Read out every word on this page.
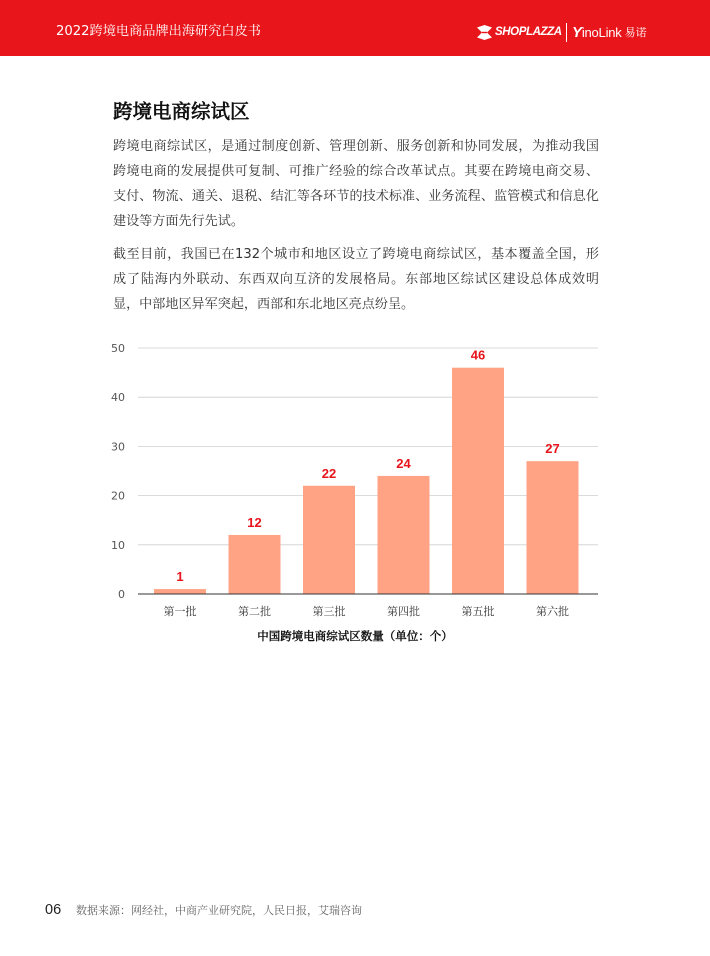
2022跨境电商品牌出海研究白皮书	SHOPLAZZA YinoLink 易诺
跨境电商综试区
跨境电商综试区，是通过制度创新、管理创新、服务创新和协同发展，为推动我国
跨境电商的发展提供可复制、可推广经验的综合改革试点。其要在跨境电商交易、
支付、物流、通关、退税、结汇等各环节的技术标准、业务流程、监管模式和信息化
建设等方面先行先试。
截至目前，我国已在132个城市和地区设立了跨境电商综试区，基本覆盖全国，形
成了陆海内外联动、东西双向互济的发展格局。东部地区综试区建设总体成效明
显，中部地区异军突起，西部和东北地区亮点纷呈。
0
10
20
30
40
50
1
第一批
12
第二批
22
第三批
24
第四批
46
第五批
27
第六批
中国跨境电商综试区数量（单位：个）
06 数据来源：网经社，中商产业研究院，人民日报，艾瑞咨询
